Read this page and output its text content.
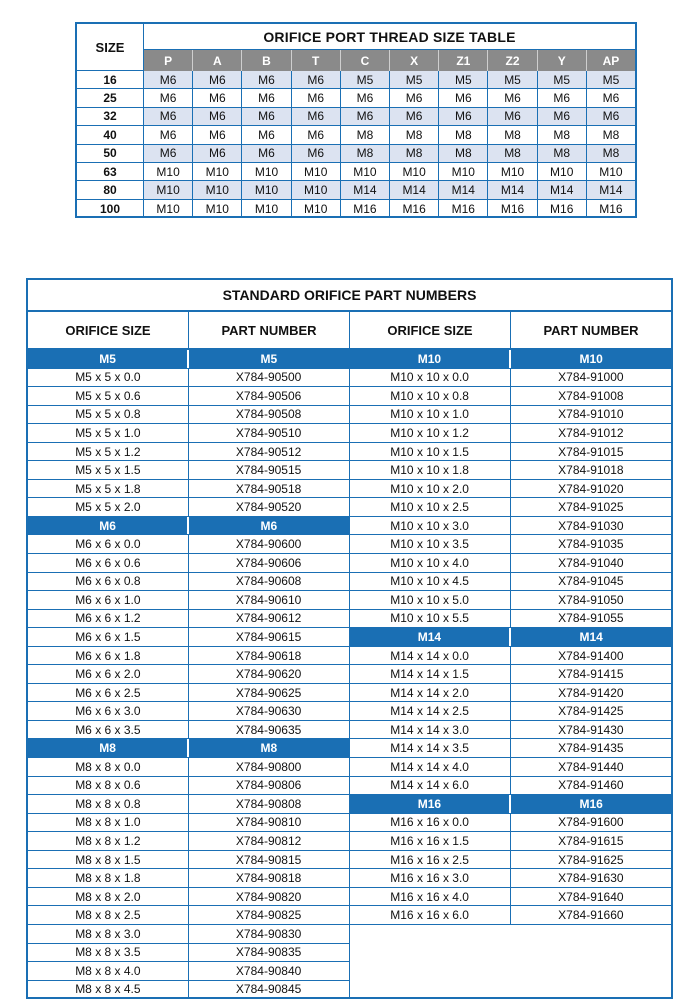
SIZE
ORIFICE PORT THREAD SIZE TABLE
P	A	B	T	C	X	Z1	Z2	Y	AP
16	M6	M6	M6	M6	M5	M5	M5	M5	M5	M5
25	M6	M6	M6	M6	M6	M6	M6	M6	M6	M6
32	M6	M6	M6	M6	M6	M6	M6	M6	M6	M6
40	M6	M6	M6	M6	M8	M8	M8	M8	M8	M8
50	M6	M6	M6	M6	M8	M8	M8	M8	M8	M8
63	M10	M10	M10	M10	M10	M10	M10	M10	M10	M10
80	M10	M10	M10	M10	M14	M14	M14	M14	M14	M14
100	M10	M10	M10	M10	M16	M16	M16	M16	M16	M16
STANDARD ORIFICE PART NUMBERS
ORIFICE SIZE	PART NUMBER	ORIFICE SIZE	PART NUMBER
M5	M5
M5 x 5 x 0.0	X784-90500
M5 x 5 x 0.6	X784-90506
M5 x 5 x 0.8	X784-90508
M5 x 5 x 1.0	X784-90510
M5 x 5 x 1.2	X784-90512
M5 x 5 x 1.5	X784-90515
M5 x 5 x 1.8	X784-90518
M5 x 5 x 2.0	X784-90520
M6	M6
M6 x 6 x 0.0	X784-90600
M6 x 6 x 0.6	X784-90606
M6 x 6 x 0.8	X784-90608
M6 x 6 x 1.0	X784-90610
M6 x 6 x 1.2	X784-90612
M6 x 6 x 1.5	X784-90615
M6 x 6 x 1.8	X784-90618
M6 x 6 x 2.0	X784-90620
M6 x 6 x 2.5	X784-90625
M6 x 6 x 3.0	X784-90630
M6 x 6 x 3.5	X784-90635
M8	M8
M8 x 8 x 0.0	X784-90800
M8 x 8 x 0.6	X784-90806
M8 x 8 x 0.8	X784-90808
M8 x 8 x 1.0	X784-90810
M8 x 8 x 1.2	X784-90812
M8 x 8 x 1.5	X784-90815
M8 x 8 x 1.8	X784-90818
M8 x 8 x 2.0	X784-90820
M8 x 8 x 2.5	X784-90825
M8 x 8 x 3.0	X784-90830
M8 x 8 x 3.5	X784-90835
M8 x 8 x 4.0	X784-90840
M8 x 8 x 4.5	X784-90845
M10	M10
M10 x 10 x 0.0	X784-91000
M10 x 10 x 0.8	X784-91008
M10 x 10 x 1.0	X784-91010
M10 x 10 x 1.2	X784-91012
M10 x 10 x 1.5	X784-91015
M10 x 10 x 1.8	X784-91018
M10 x 10 x 2.0	X784-91020
M10 x 10 x 2.5	X784-91025
M10 x 10 x 3.0	X784-91030
M10 x 10 x 3.5	X784-91035
M10 x 10 x 4.0	X784-91040
M10 x 10 x 4.5	X784-91045
M10 x 10 x 5.0	X784-91050
M10 x 10 x 5.5	X784-91055
M14	M14
M14 x 14 x 0.0	X784-91400
M14 x 14 x 1.5	X784-91415
M14 x 14 x 2.0	X784-91420
M14 x 14 x 2.5	X784-91425
M14 x 14 x 3.0	X784-91430
M14 x 14 x 3.5	X784-91435
M14 x 14 x 4.0	X784-91440
M14 x 14 x 6.0	X784-91460
M16	M16
M16 x 16 x 0.0	X784-91600
M16 x 16 x 1.5	X784-91615
M16 x 16 x 2.5	X784-91625
M16 x 16 x 3.0	X784-91630
M16 x 16 x 4.0	X784-91640
M16 x 16 x 6.0	X784-91660
